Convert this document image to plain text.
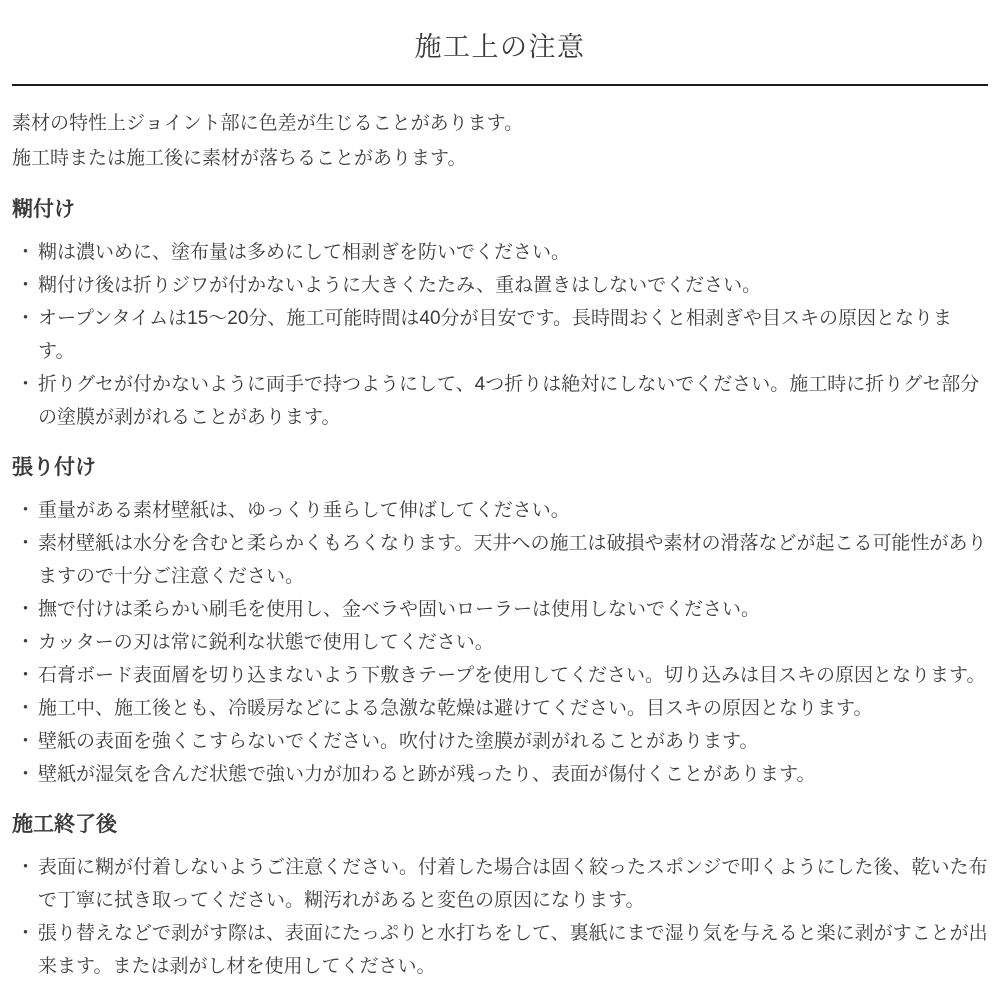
施工上の注意
素材の特性上ジョイント部に色差が生じることがあります。
施工時または施工後に素材が落ちることがあります。
糊付け
・ 糊は濃いめに、塗布量は多めにして相剥ぎを防いでください。
・ 糊付け後は折りジワが付かないように大きくたたみ、重ね置きはしないでください。
・ オープンタイムは15〜20分、施工可能時間は40分が目安です。長時間おくと相剥ぎや目スキの原因となります。
・ 折りグセが付かないように両手で持つようにして、4つ折りは絶対にしないでください。施工時に折りグセ部分の塗膜が剥がれることがあります。
張り付け
・ 重量がある素材壁紙は、ゆっくり垂らして伸ばしてください。
・ 素材壁紙は水分を含むと柔らかくもろくなります。天井への施工は破損や素材の滑落などが起こる可能性がありますので十分ご注意ください。
・ 撫で付けは柔らかい刷毛を使用し、金ベラや固いローラーは使用しないでください。
・ カッターの刃は常に鋭利な状態で使用してください。
・ 石膏ボード表面層を切り込まないよう下敷きテープを使用してください。切り込みは目スキの原因となります。
・ 施工中、施工後とも、冷暖房などによる急激な乾燥は避けてください。目スキの原因となります。
・ 壁紙の表面を強くこすらないでください。吹付けた塗膜が剥がれることがあります。
・ 壁紙が湿気を含んだ状態で強い力が加わると跡が残ったり、表面が傷付くことがあります。
施工終了後
・ 表面に糊が付着しないようご注意ください。付着した場合は固く絞ったスポンジで叩くようにした後、乾いた布で丁寧に拭き取ってください。糊汚れがあると変色の原因になります。
・ 張り替えなどで剥がす際は、表面にたっぷりと水打ちをして、裏紙にまで湿り気を与えると楽に剥がすことが出来ます。または剥がし材を使用してください。
